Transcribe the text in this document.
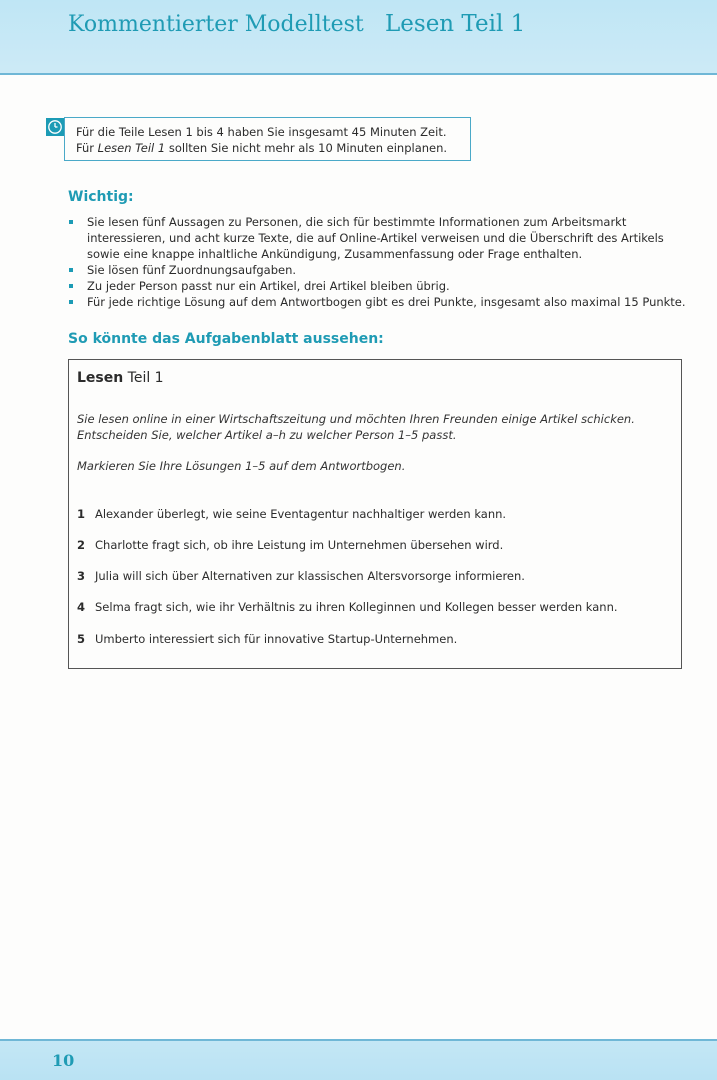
Kommentierter Modelltest Lesen Teil 1
Für die Teile Lesen 1 bis 4 haben Sie insgesamt 45 Minuten Zeit.
Für Lesen Teil 1 sollten Sie nicht mehr als 10 Minuten einplanen.
Wichtig:
Sie lesen fünf Aussagen zu Personen, die sich für bestimmte Informationen zum Arbeitsmarkt interessieren, und acht kurze Texte, die auf Online-Artikel verweisen und die Überschrift des Artikels sowie eine knappe inhaltliche Ankündigung, Zusammenfassung oder Frage enthalten.
Sie lösen fünf Zuordnungsaufgaben.
Zu jeder Person passt nur ein Artikel, drei Artikel bleiben übrig.
Für jede richtige Lösung auf dem Antwortbogen gibt es drei Punkte, insgesamt also maximal 15 Punkte.
So könnte das Aufgabenblatt aussehen:
Lesen Teil 1
Sie lesen online in einer Wirtschaftszeitung und möchten Ihren Freunden einige Artikel schicken. Entscheiden Sie, welcher Artikel a–h zu welcher Person 1–5 passt.
Markieren Sie Ihre Lösungen 1–5 auf dem Antwortbogen.
1 Alexander überlegt, wie seine Eventagentur nachhaltiger werden kann.
2 Charlotte fragt sich, ob ihre Leistung im Unternehmen übersehen wird.
3 Julia will sich über Alternativen zur klassischen Altersvorsorge informieren.
4 Selma fragt sich, wie ihr Verhältnis zu ihren Kolleginnen und Kollegen besser werden kann.
5 Umberto interessiert sich für innovative Startup-Unternehmen.
10
